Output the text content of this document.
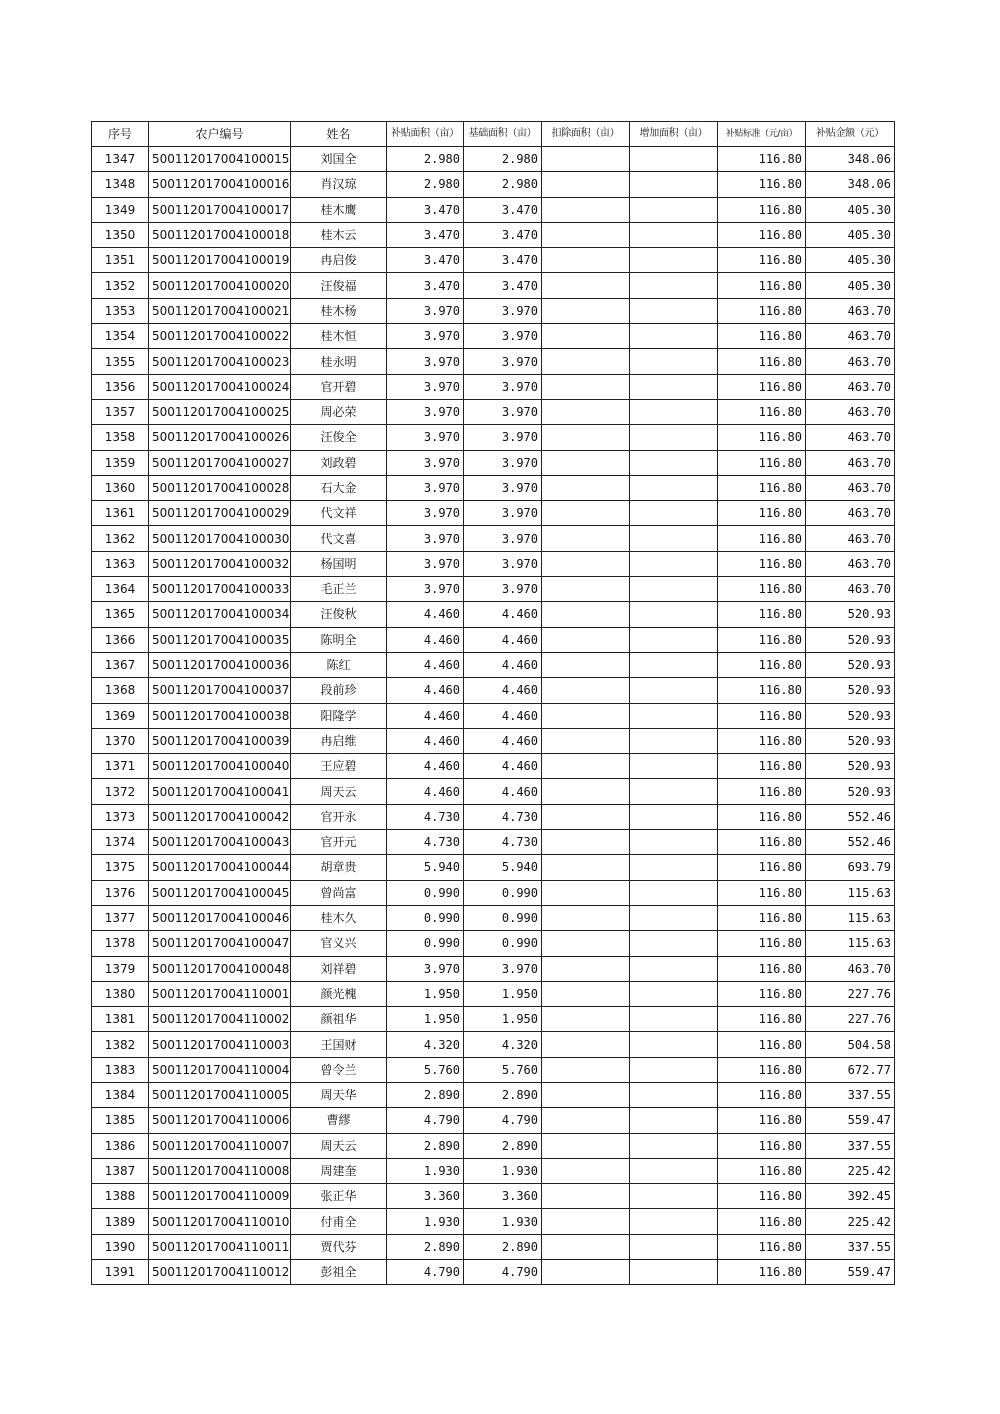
序号	农户编号	姓名	补贴面积（亩）	基础面积（亩）	扣除面积（亩）	增加面积（亩）	补贴标准（元/亩）	补贴金额（元）
1347	500112017004100015	刘国全	2.980	2.980			116.80	348.06
1348	500112017004100016	肖汉琼	2.980	2.980			116.80	348.06
1349	500112017004100017	桂木鹰	3.470	3.470			116.80	405.30
1350	500112017004100018	桂木云	3.470	3.470			116.80	405.30
1351	500112017004100019	冉启俊	3.470	3.470			116.80	405.30
1352	500112017004100020	汪俊福	3.470	3.470			116.80	405.30
1353	500112017004100021	桂木杨	3.970	3.970			116.80	463.70
1354	500112017004100022	桂木恒	3.970	3.970			116.80	463.70
1355	500112017004100023	桂永明	3.970	3.970			116.80	463.70
1356	500112017004100024	官开碧	3.970	3.970			116.80	463.70
1357	500112017004100025	周必荣	3.970	3.970			116.80	463.70
1358	500112017004100026	汪俊全	3.970	3.970			116.80	463.70
1359	500112017004100027	刘政碧	3.970	3.970			116.80	463.70
1360	500112017004100028	石大金	3.970	3.970			116.80	463.70
1361	500112017004100029	代文祥	3.970	3.970			116.80	463.70
1362	500112017004100030	代文喜	3.970	3.970			116.80	463.70
1363	500112017004100032	杨国明	3.970	3.970			116.80	463.70
1364	500112017004100033	毛正兰	3.970	3.970			116.80	463.70
1365	500112017004100034	汪俊秋	4.460	4.460			116.80	520.93
1366	500112017004100035	陈明全	4.460	4.460			116.80	520.93
1367	500112017004100036	陈红	4.460	4.460			116.80	520.93
1368	500112017004100037	段前珍	4.460	4.460			116.80	520.93
1369	500112017004100038	阳隆学	4.460	4.460			116.80	520.93
1370	500112017004100039	冉启维	4.460	4.460			116.80	520.93
1371	500112017004100040	王应碧	4.460	4.460			116.80	520.93
1372	500112017004100041	周天云	4.460	4.460			116.80	520.93
1373	500112017004100042	官开永	4.730	4.730			116.80	552.46
1374	500112017004100043	官开元	4.730	4.730			116.80	552.46
1375	500112017004100044	胡章贵	5.940	5.940			116.80	693.79
1376	500112017004100045	曾尚富	0.990	0.990			116.80	115.63
1377	500112017004100046	桂木久	0.990	0.990			116.80	115.63
1378	500112017004100047	官义兴	0.990	0.990			116.80	115.63
1379	500112017004100048	刘祥碧	3.970	3.970			116.80	463.70
1380	500112017004110001	颜光槐	1.950	1.950			116.80	227.76
1381	500112017004110002	颜祖华	1.950	1.950			116.80	227.76
1382	500112017004110003	王国财	4.320	4.320			116.80	504.58
1383	500112017004110004	曾令兰	5.760	5.760			116.80	672.77
1384	500112017004110005	周天华	2.890	2.890			116.80	337.55
1385	500112017004110006	曹繆	4.790	4.790			116.80	559.47
1386	500112017004110007	周天云	2.890	2.890			116.80	337.55
1387	500112017004110008	周建奎	1.930	1.930			116.80	225.42
1388	500112017004110009	张正华	3.360	3.360			116.80	392.45
1389	500112017004110010	付甫全	1.930	1.930			116.80	225.42
1390	500112017004110011	贾代芬	2.890	2.890			116.80	337.55
1391	500112017004110012	彭祖全	4.790	4.790			116.80	559.47
